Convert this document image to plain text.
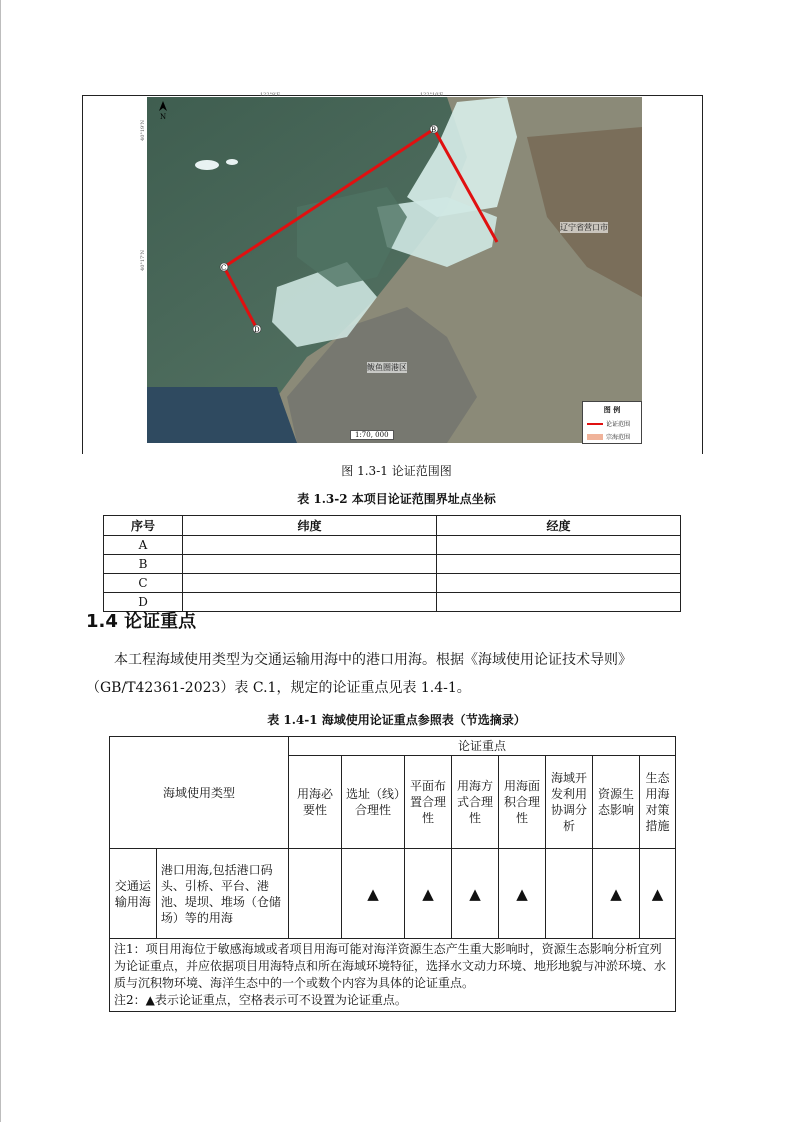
B
C
D
N
40°19'N
40°17'N
122°8'E	122°10'E
辽宁省营口市
鲅鱼圈港区
1:70, 000
图 例
论证范围
宗海范围
图 1.3-1 论证范围图
表 1.3-2 本项目论证范围界址点坐标
序号	纬度	经度
A		
B		
C		
D		
1.4 论证重点

本工程海域使用类型为交通运输用海中的港口用海。根据《海域使用论证技术导则》（GB/T42361-2023）表 C.1，规定的论证重点见表 1.4-1。

表 1.4-1 海域使用论证重点参照表（节选摘录）
海域使用类型		论证重点							
		用海必要性	选址（线）合理性	平面布置合理性	用海方式合理性	用海面积合理性	海域开发利用协调分析	资源生态影响	生态用海对策措施
交通运输用海	港口用海,包括港口码头、引桥、平台、港池、堤坝、堆场（仓储场）等的用海		▲	▲	▲	▲		▲	▲

注1：项目用海位于敏感海域或者项目用海可能对海洋资源生态产生重大影响时，资源生态影响分析宜列为论证重点，并应依据项目用海特点和所在海域环境特征，选择水文动力环境、地形地貌与冲淤环境、水质与沉积物环境、海洋生态中的一个或数个内容为具体的论证重点。
注2：▲表示论证重点，空格表示可不设置为论证重点。									
